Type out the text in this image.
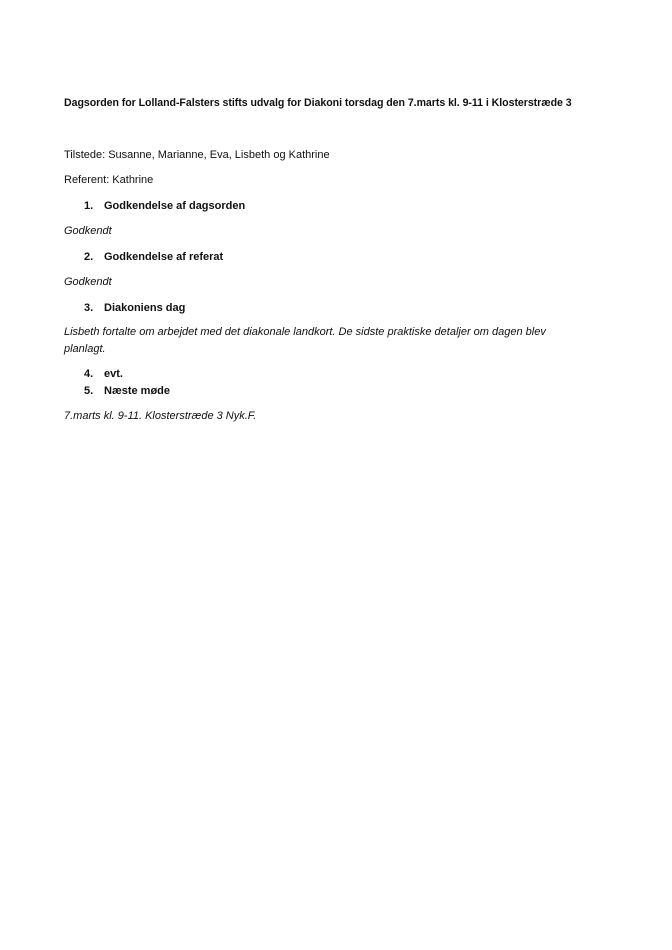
Dagsorden for Lolland-Falsters stifts udvalg for Diakoni torsdag den 7.marts kl. 9-11 i Klosterstræde 3
Tilstede: Susanne, Marianne, Eva, Lisbeth og Kathrine
Referent: Kathrine
1. Godkendelse af dagsorden
Godkendt
2. Godkendelse af referat
Godkendt
3. Diakoniens dag
Lisbeth fortalte om arbejdet med det diakonale landkort. De sidste praktiske detaljer om dagen blev
planlagt.
4. evt.
5. Næste møde
7.marts kl. 9-11. Klosterstræde 3 Nyk.F.
